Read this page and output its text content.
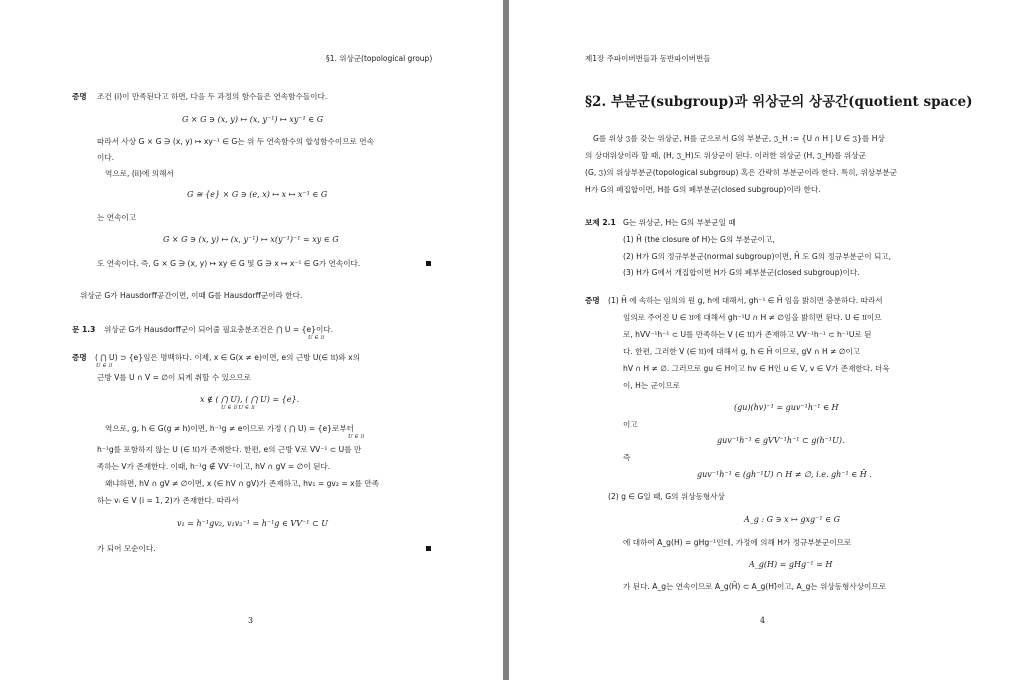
§1. 위상군(topological group)
증명 조건 (i)이 만족된다고 하면, 다음 두 과정의 함수들은 연속함수들이다.
G × G ∋ (x, y) ↦ (x, y⁻¹) ↦ xy⁻¹ ∈ G
따라서 사상 G × G ∋ (x, y) ↦ xy⁻¹ ∈ G는 위 두 연속함수의 합성함수이므로 연속
이다.
역으로, (ii)에 의해서
G ≅ {e} × G ∋ (e, x) ↦ x ↦ x⁻¹ ∈ G
는 연속이고
G × G ∋ (x, y) ↦ (x, y⁻¹) ↦ x(y⁻¹)⁻¹ = xy ∈ G
도 연속이다. 즉, G × G ∋ (x, y) ↦ xy ∈ G 및 G ∋ x ↦ x⁻¹ ∈ G가 연속이다.
위상군 G가 Hausdorff공간이면, 이때 G를 Hausdorff군이라 한다.
문 1.3 위상군 G가 Hausdorff군이 되어줄 필요충분조건은 ⋂ U = {e}이다.
U ∈ 𝔘
증명 ( ⋂ U) ⊃ {e}임은 명백하다. 이제, x ∈ G(x ≠ e)이면, e의 근방 U(∈ 𝔘)와 x의
U ∈ 𝔘
근방 V를 U ∩ V = ∅이 되게 취할 수 있으므로
x ∉ ( ⋂ U), ( ⋂ U) = {e}.
U ∈ 𝔘 U ∈ 𝔘
역으로, g, h ∈ G(g ≠ h)이면, h⁻¹g ≠ e이므로 가정 ( ⋂ U) = {e}로부터
U ∈ 𝔘
h⁻¹g를 포함하지 않는 U (∈ 𝔘)가 존재한다. 한편, e의 근방 V로 VV⁻¹ ⊂ U를 만
족하는 V가 존재한다. 이때, h⁻¹g ∉ VV⁻¹이고, hV ∩ gV = ∅이 된다.
왜냐하면, hV ∩ gV ≠ ∅이면, x (∈ hV ∩ gV)가 존재하고, hv₁ = gv₂ = x를 만족
하는 vᵢ ∈ V (i = 1, 2)가 존재한다. 따라서
v₁ = h⁻¹gv₂, v₁v₂⁻¹ = h⁻¹g ∈ VV⁻¹ ⊂ U
가 되어 모순이다.
3
제1장 주파이버번들과 동반파이버번들
§2. 부분군(subgroup)과 위상군의 상공간(quotient space)
G를 위상 𝔍를 갖는 위상군, H를 군으로서 G의 부분군, 𝔍_H := {U ∩ H | U ∈ 𝔍}를 H상
의 상대위상이라 할 때, (H, 𝔍_H)도 위상군이 된다. 이러한 위상군 (H, 𝔍_H)를 위상군
(G, 𝔍)의 위상부분군(topological subgroup) 혹은 간략히 부분군이라 한다. 특히, 위상부분군
H가 G의 폐집합이면, H를 G의 폐부분군(closed subgroup)이라 한다.
보제 2.1 G는 위상군, H는 G의 부분군일 때
(1) H̄ (the closure of H)는 G의 부분군이고,
(2) H가 G의 정규부분군(normal subgroup)이면, H̄ 도 G의 정규부분군이 되고,
(3) H가 G에서 개집합이면 H가 G의 폐부분군(closed subgroup)이다.
증명 (1) H̄ 에 속하는 임의의 원 g, h에 대해서, gh⁻¹ ∈ H̄ 임을 밝히면 충분하다. 따라서
임의로 주어진 U ∈ 𝔘에 대해서 gh⁻¹U ∩ H ≠ ∅임을 밝히면 된다. U ∈ 𝔘이므
로, hVV⁻¹h⁻¹ ⊂ U를 만족하는 V (∈ 𝔘)가 존재하고 VV⁻¹h⁻¹ ⊂ h⁻¹U로 된
다. 한편, 그러한 V (∈ 𝔘)에 대해서 g, h ∈ H̄ 이므로, gV ∩ H ≠ ∅이고
hV ∩ H ≠ ∅. 그러므로 gu ∈ H이고 hv ∈ H인 u ∈ V, v ∈ V가 존재한다. 더욱
이, H는 군이므로
(gu)(hv)⁻¹ = guv⁻¹h⁻¹ ∈ H
이고
guv⁻¹h⁻¹ ∈ gVV⁻¹h⁻¹ ⊂ g(h⁻¹U).
즉
guv⁻¹h⁻¹ ∈ (gh⁻¹U) ∩ H ≠ ∅, i.e. gh⁻¹ ∈ H̄ .
(2) g ∈ G일 때, G의 위상동형사상
A_g : G ∋ x ↦ gxg⁻¹ ∈ G
에 대하여 A_g(H) = gHg⁻¹인데, 가정에 의해 H가 정규부분군이므로
A_g(H) = gHg⁻¹ = H
가 된다. A_g는 연속이므로 A_g(H̄) ⊂ A_g(H)̄이고, A_g는 위상동형사상이므로
4
